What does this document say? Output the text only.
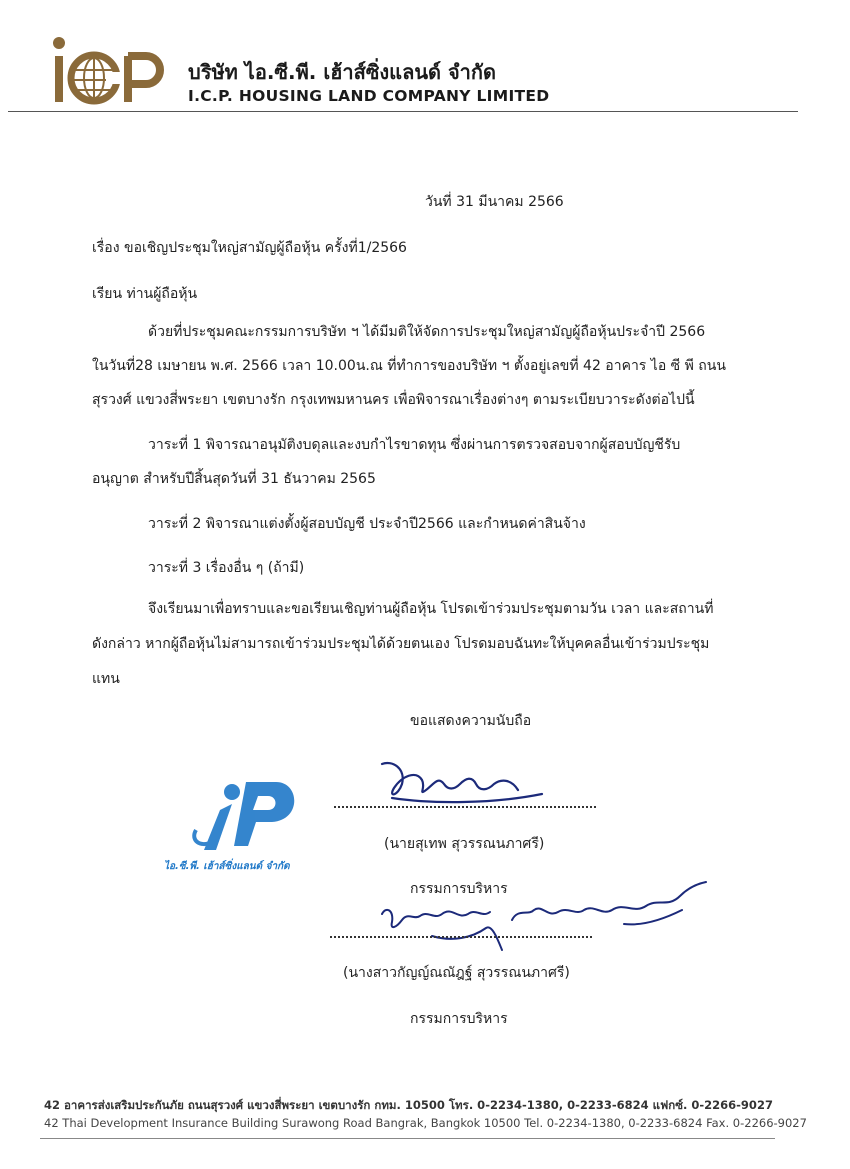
บริษัท ไอ.ซี.พี. เฮ้าส์ซิ่งแลนด์ จำกัด
I.C.P. HOUSING LAND COMPANY LIMITED
วันที่ 31 มีนาคม 2566
เรื่อง ขอเชิญประชุมใหญ่สามัญผู้ถือหุ้น ครั้งที่1/2566
เรียน ท่านผู้ถือหุ้น
ด้วยที่ประชุมคณะกรรมการบริษัท ฯ ได้มีมติให้จัดการประชุมใหญ่สามัญผู้ถือหุ้นประจำปี 2566
ในวันที่28 เมษายน พ.ศ. 2566 เวลา 10.00น.ณ ที่ทำการของบริษัท ฯ ตั้งอยู่เลขที่ 42 อาคาร ไอ ซี พี ถนน
สุรวงศ์ แขวงสี่พระยา เขตบางรัก กรุงเทพมหานคร เพื่อพิจารณาเรื่องต่างๆ ตามระเบียบวาระดังต่อไปนี้
วาระที่ 1 พิจารณาอนุมัติงบดุลและงบกำไรขาดทุน ซึ่งผ่านการตรวจสอบจากผู้สอบบัญชีรับ
อนุญาต สำหรับปีสิ้นสุดวันที่ 31 ธันวาคม 2565
วาระที่ 2 พิจารณาแต่งตั้งผู้สอบบัญชี ประจำปี2566 และกำหนดค่าสินจ้าง
วาระที่ 3 เรื่องอื่น ๆ (ถ้ามี)
จึงเรียนมาเพื่อทราบและขอเรียนเชิญท่านผู้ถือหุ้น โปรดเข้าร่วมประชุมตามวัน เวลา และสถานที่
ดังกล่าว หากผู้ถือหุ้นไม่สามารถเข้าร่วมประชุมได้ด้วยตนเอง โปรดมอบฉันทะให้บุคคลอื่นเข้าร่วมประชุม
แทน
ขอแสดงความนับถือ
ไอ.ซี.พี. เฮ้าส์ซิ่งแลนด์ จำกัด
(นายสุเทพ สุวรรณนภาศรี)
กรรมการบริหาร
(นางสาวกัญญ์ณณัฎฐ์ สุวรรณนภาศรี)
กรรมการบริหาร
42 อาคารส่งเสริมประกันภัย ถนนสุรวงศ์ แขวงสี่พระยา เขตบางรัก กทม. 10500 โทร. 0-2234-1380, 0-2233-6824 แฟกซ์. 0-2266-9027
42 Thai Development Insurance Building Surawong Road Bangrak, Bangkok 10500 Tel. 0-2234-1380, 0-2233-6824 Fax. 0-2266-9027
